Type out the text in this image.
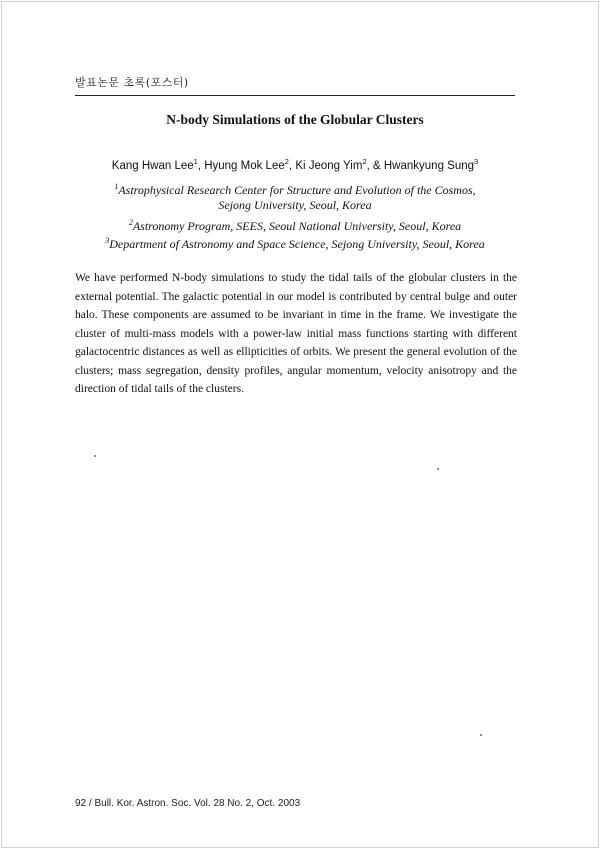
발표논문 초록(포스터)
N-body Simulations of the Globular Clusters
Kang Hwan Lee$^1$, Hyung Mok Lee$^2$, Ki Jeong Yim$^2$, & Hwankyung Sung$^3$
$^1$Astrophysical Research Center for Structure and Evolution of the Cosmos,
Sejong University, Seoul, Korea
$^2$Astronomy Program, SEES, Seoul National University, Seoul, Korea
$^3$Department of Astronomy and Space Science, Sejong University, Seoul, Korea
We have performed N-body simulations to study the tidal tails of the globular clusters in the external potential. The galactic potential in our model is contributed by central bulge and outer halo. These components are assumed to be invariant in time in the frame. We investigate the cluster of multi-mass models with a power-law initial mass functions starting with different galactocentric distances as well as ellipticities of orbits. We present the general evolution of the clusters; mass segregation, density profiles, angular momentum, velocity anisotropy and the direction of tidal tails of the clusters.
92 / Bull. Kor. Astron. Soc. Vol. 28 No. 2, Oct. 2003
